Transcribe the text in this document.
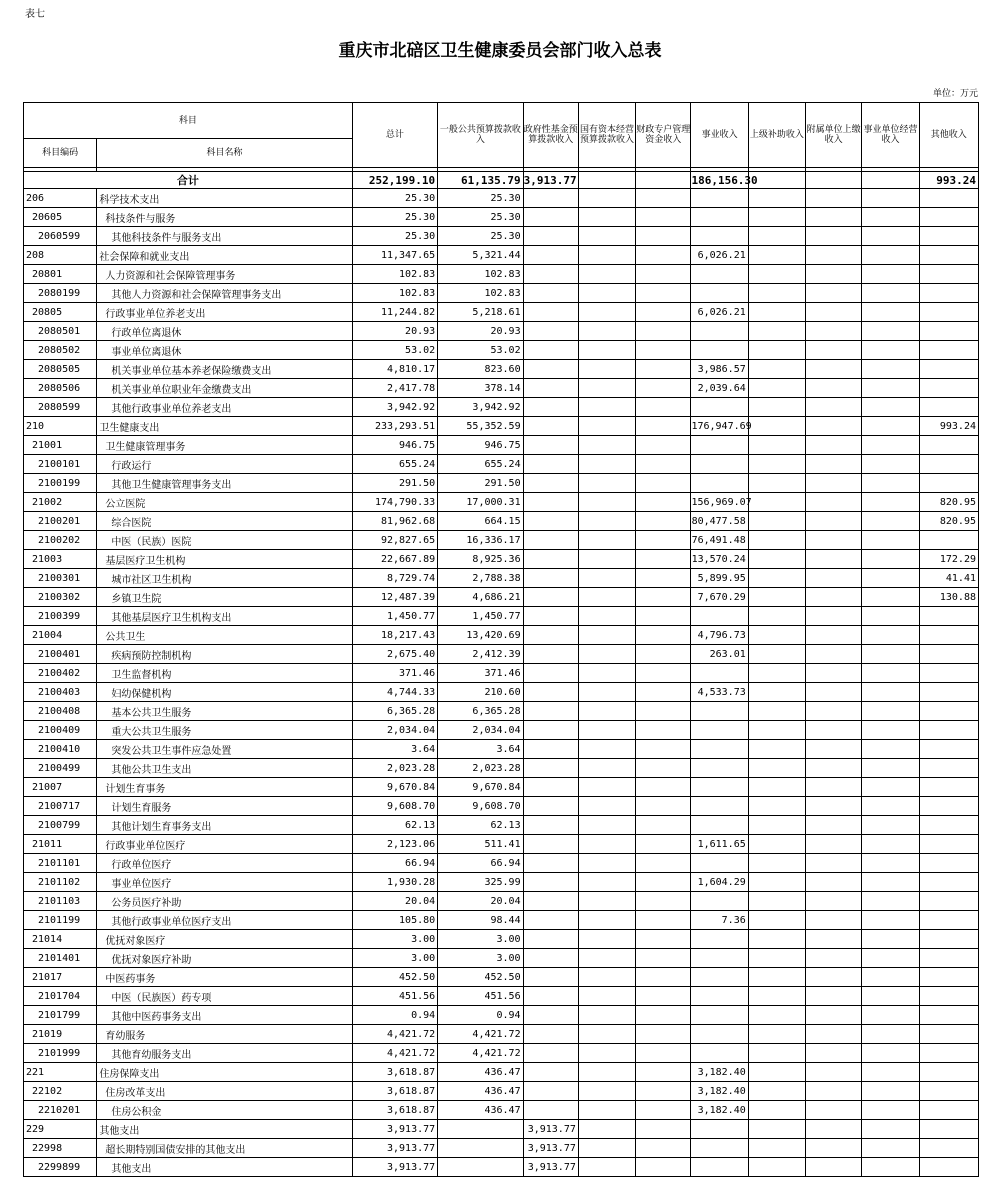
表七
重庆市北碚区卫生健康委员会部门收入总表
单位：万元
科目		总计	一般公共预算拨款收入	政府性基金预算拨款收入	国有资本经营预算拨款收入	财政专户管理资金收入	事业收入	上级补助收入	附属单位上缴收入	事业单位经营收入	其他收入
科目编码	科目名称										

合计		252,199.10	61,135.79	3,913.77			186,156.30				993.24
206	科学技术支出	25.30	25.30								
20605	科技条件与服务	25.30	25.30								
2060599	其他科技条件与服务支出	25.30	25.30								
208	社会保障和就业支出	11,347.65	5,321.44				6,026.21				
20801	人力资源和社会保障管理事务	102.83	102.83								
2080199	其他人力资源和社会保障管理事务支出	102.83	102.83								
20805	行政事业单位养老支出	11,244.82	5,218.61				6,026.21				
2080501	行政单位离退休	20.93	20.93								
2080502	事业单位离退休	53.02	53.02								
2080505	机关事业单位基本养老保险缴费支出	4,810.17	823.60				3,986.57				
2080506	机关事业单位职业年金缴费支出	2,417.78	378.14				2,039.64				
2080599	其他行政事业单位养老支出	3,942.92	3,942.92								
210	卫生健康支出	233,293.51	55,352.59				176,947.69				993.24
21001	卫生健康管理事务	946.75	946.75								
2100101	行政运行	655.24	655.24								
2100199	其他卫生健康管理事务支出	291.50	291.50								
21002	公立医院	174,790.33	17,000.31				156,969.07				820.95
2100201	综合医院	81,962.68	664.15				80,477.58				820.95
2100202	中医（民族）医院	92,827.65	16,336.17				76,491.48				
21003	基层医疗卫生机构	22,667.89	8,925.36				13,570.24				172.29
2100301	城市社区卫生机构	8,729.74	2,788.38				5,899.95				41.41
2100302	乡镇卫生院	12,487.39	4,686.21				7,670.29				130.88
2100399	其他基层医疗卫生机构支出	1,450.77	1,450.77								
21004	公共卫生	18,217.43	13,420.69				4,796.73				
2100401	疾病预防控制机构	2,675.40	2,412.39				263.01				
2100402	卫生监督机构	371.46	371.46								
2100403	妇幼保健机构	4,744.33	210.60				4,533.73				
2100408	基本公共卫生服务	6,365.28	6,365.28								
2100409	重大公共卫生服务	2,034.04	2,034.04								
2100410	突发公共卫生事件应急处置	3.64	3.64								
2100499	其他公共卫生支出	2,023.28	2,023.28								
21007	计划生育事务	9,670.84	9,670.84								
2100717	计划生育服务	9,608.70	9,608.70								
2100799	其他计划生育事务支出	62.13	62.13								
21011	行政事业单位医疗	2,123.06	511.41				1,611.65				
2101101	行政单位医疗	66.94	66.94								
2101102	事业单位医疗	1,930.28	325.99				1,604.29				
2101103	公务员医疗补助	20.04	20.04								
2101199	其他行政事业单位医疗支出	105.80	98.44				7.36				
21014	优抚对象医疗	3.00	3.00								
2101401	优抚对象医疗补助	3.00	3.00								
21017	中医药事务	452.50	452.50								
2101704	中医（民族医）药专项	451.56	451.56								
2101799	其他中医药事务支出	0.94	0.94								
21019	育幼服务	4,421.72	4,421.72								
2101999	其他育幼服务支出	4,421.72	4,421.72								
221	住房保障支出	3,618.87	436.47				3,182.40				
22102	住房改革支出	3,618.87	436.47				3,182.40				
2210201	住房公积金	3,618.87	436.47				3,182.40				
229	其他支出	3,913.77		3,913.77							
22998	超长期特别国债安排的其他支出	3,913.77		3,913.77							
2299899	其他支出	3,913.77		3,913.77							
